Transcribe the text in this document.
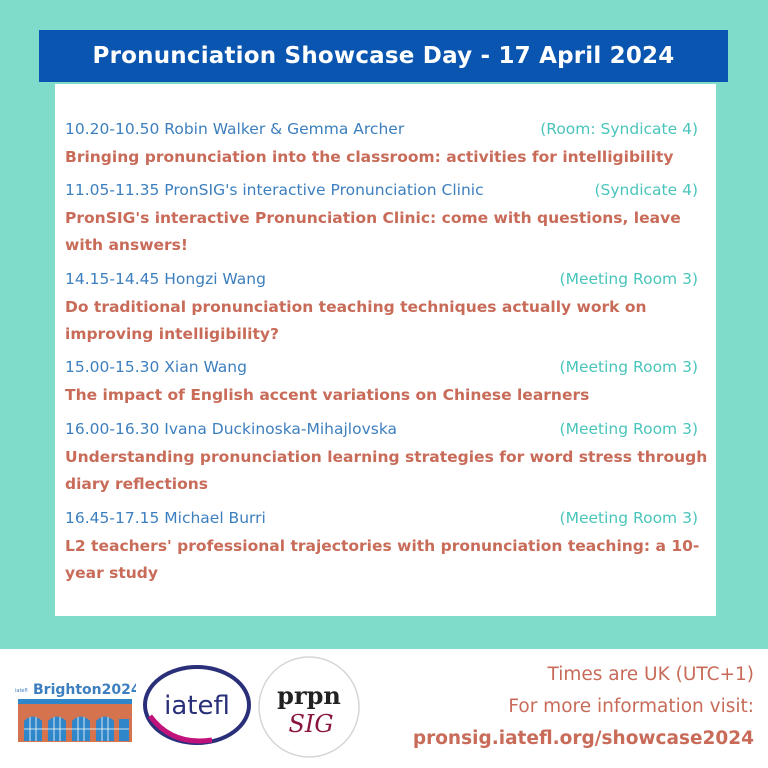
Pronunciation Showcase Day - 17 April 2024
10.20-10.50 Robin Walker & Gemma Archer	(Room: Syndicate 4)
Bringing pronunciation into the classroom: activities for intelligibility
11.05-11.35 PronSIG's interactive Pronunciation Clinic	(Syndicate 4)
PronSIG's interactive Pronunciation Clinic: come with questions, leave with answers!
14.15-14.45 Hongzi Wang	(Meeting Room 3)
Do traditional pronunciation teaching techniques actually work on improving intelligibility?
15.00-15.30 Xian Wang	(Meeting Room 3)
The impact of English accent variations on Chinese learners
16.00-16.30 Ivana Duckinoska-Mihajlovska	(Meeting Room 3)
Understanding pronunciation learning strategies for word stress through diary reflections
16.45-17.15 Michael Burri	(Meeting Room 3)
L2 teachers' professional trajectories with pronunciation teaching: a 10-year study
iatefl Brighton2024
iatefl prpn
SIG
Times are UK (UTC+1)
For more information visit:
pronsig.iatefl.org/showcase2024
